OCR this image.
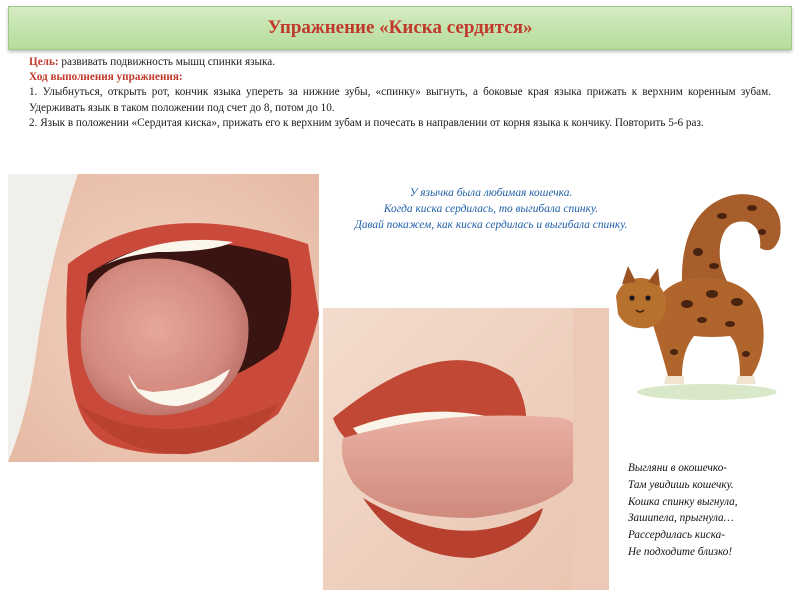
Упражнение «Киска сердится»

Цель: развивать подвижность мышц спинки языка.

Ход выполнения упражнения:

1. Улыбнуться, открыть рот, кончик языка упереть за нижние зубы, «спинку» выгнуть, а боковые края языка прижать к верхним коренным зубам. Удерживать язык в таком положении под счет до 8, потом до 10.

2. Язык в положении «Сердитая киска», прижать его к верхним зубам и почесать в направлении от корня языка к кончику. Повторить 5-6 раз.

У язычка была любимая кошечка.

Когда киска сердилась, то выгибала спинку.

Давай покажем, как киска сердилась и выгибала спинку.

Выгляни в окошечко-

Там увидишь кошечку.

Кошка спинку выгнула,

Зашипела, прыгнула…

Рассердилась киска-

Не подходите близко!
